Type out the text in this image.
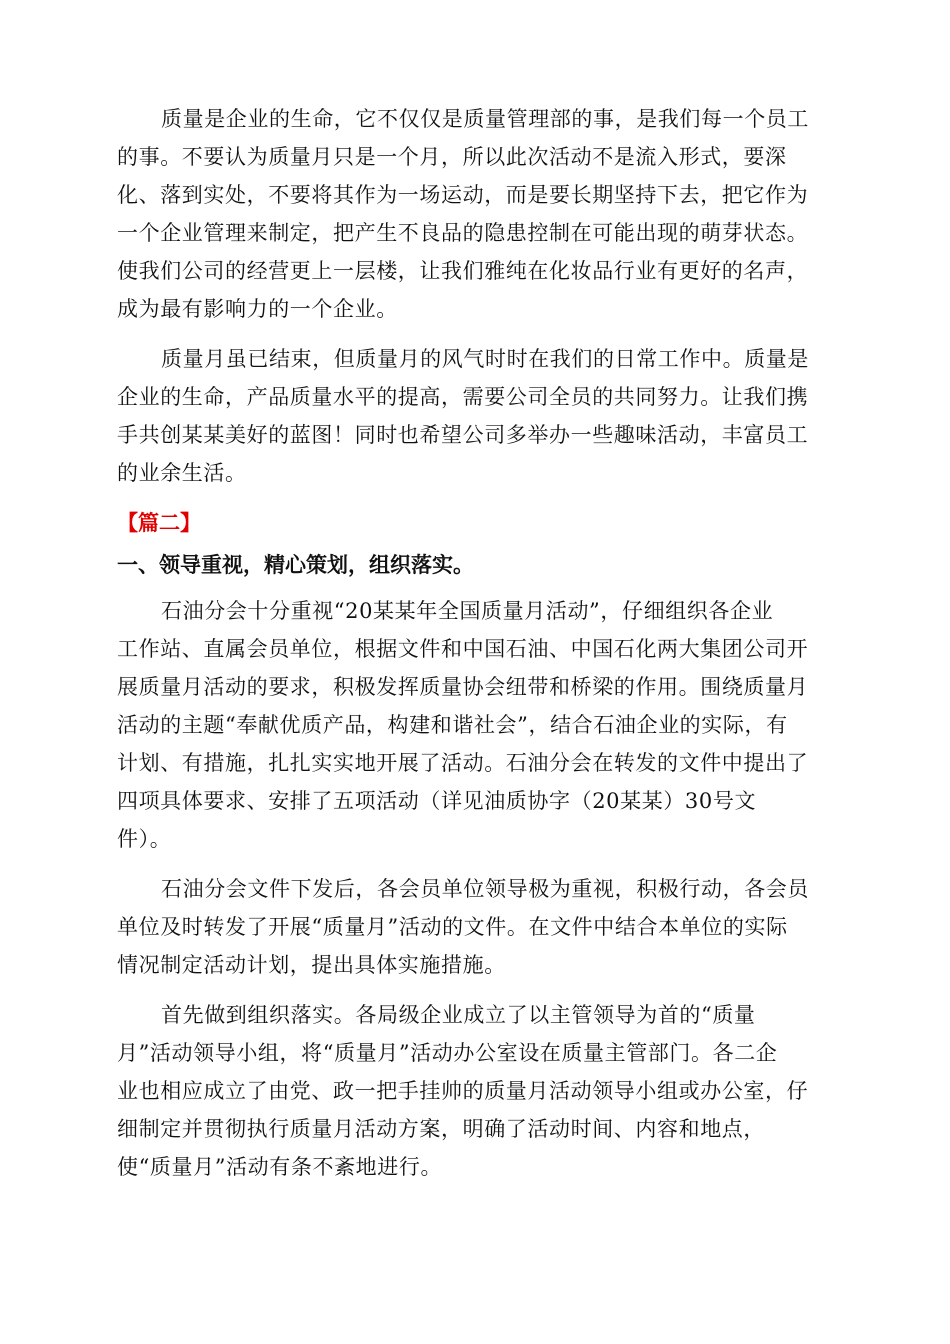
质量是企业的生命，它不仅仅是质量管理部的事，是我们每一个员工
的事。不要认为质量月只是一个月，所以此次活动不是流入形式，要深
化、落到实处，不要将其作为一场运动，而是要长期坚持下去，把它作为
一个企业管理来制定，把产生不良品的隐患控制在可能出现的萌芽状态。
使我们公司的经营更上一层楼，让我们雅纯在化妆品行业有更好的名声，
成为最有影响力的一个企业。
质量月虽已结束，但质量月的风气时时在我们的日常工作中。质量是
企业的生命，产品质量水平的提高，需要公司全员的共同努力。让我们携
手共创某某美好的蓝图！同时也希望公司多举办一些趣味活动，丰富员工
的业余生活。
【篇二】
一、领导重视，精心策划，组织落实。
石油分会十分重视“20某某年全国质量月活动”，仔细组织各企业
工作站、直属会员单位，根据文件和中国石油、中国石化两大集团公司开
展质量月活动的要求，积极发挥质量协会纽带和桥梁的作用。围绕质量月
活动的主题“奉献优质产品，构建和谐社会”，结合石油企业的实际，有
计划、有措施，扎扎实实地开展了活动。石油分会在转发的文件中提出了
四项具体要求、安排了五项活动（详见油质协字（20某某）30号文
件）。
石油分会文件下发后，各会员单位领导极为重视，积极行动，各会员
单位及时转发了开展“质量月”活动的文件。在文件中结合本单位的实际
情况制定活动计划，提出具体实施措施。
首先做到组织落实。各局级企业成立了以主管领导为首的“质量
月”活动领导小组，将“质量月”活动办公室设在质量主管部门。各二企
业也相应成立了由党、政一把手挂帅的质量月活动领导小组或办公室，仔
细制定并贯彻执行质量月活动方案，明确了活动时间、内容和地点，
使“质量月”活动有条不紊地进行。
